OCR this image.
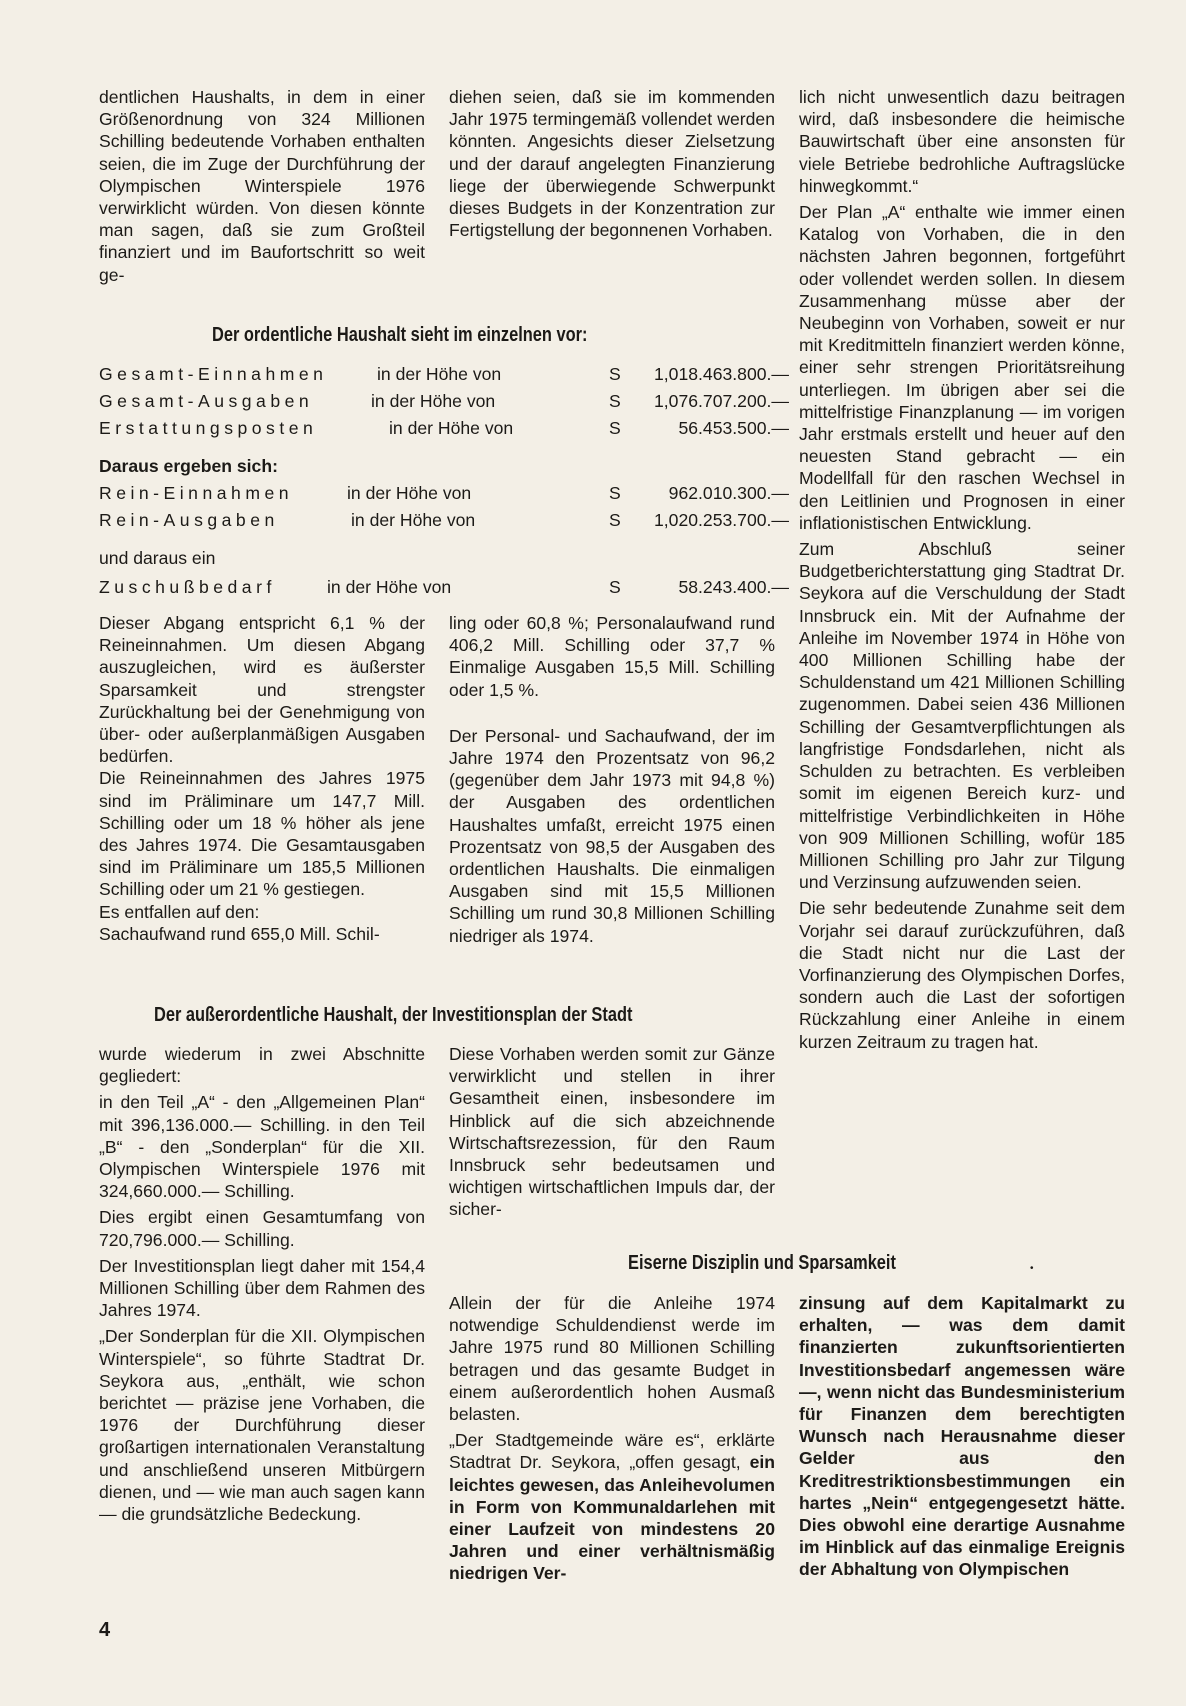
dentlichen Haushalts, in dem in einer Größenordnung von 324 Millionen Schilling bedeutende Vorhaben enthalten seien, die im Zuge der Durchführung der Olympischen Winterspiele 1976 verwirklicht würden. Von diesen könnte man sagen, daß sie zum Großteil finanziert und im Baufortschritt so weit ge-

diehen seien, daß sie im kommenden Jahr 1975 termingemäß vollendet werden könnten. Angesichts dieser Zielsetzung und der darauf angelegten Finanzierung liege der überwiegende Schwerpunkt dieses Budgets in der Konzentration zur Fertigstellung der begonnenen Vorhaben.

lich nicht unwesentlich dazu beitragen wird, daß insbesondere die heimische Bauwirtschaft über eine ansonsten für viele Betriebe bedrohliche Auftragslücke hinwegkommt.“

Der Plan „A“ enthalte wie immer einen Katalog von Vorhaben, die in den nächsten Jahren begonnen, fortgeführt oder vollendet werden sollen. In diesem Zusammenhang müsse aber der Neubeginn von Vorhaben, soweit er nur mit Kreditmitteln finanziert werden könne, einer sehr strengen Prioritätsreihung unterliegen. Im übrigen aber sei die mittelfristige Finanzplanung — im vorigen Jahr erstmals erstellt und heuer auf den neuesten Stand gebracht — ein Modellfall für den raschen Wechsel in den Leitlinien und Prognosen in einer inflationistischen Entwicklung.

Zum Abschluß seiner Budgetberichterstattung ging Stadtrat Dr. Seykora auf die Verschuldung der Stadt Innsbruck ein. Mit der Aufnahme der Anleihe im November 1974 in Höhe von 400 Millionen Schilling habe der Schuldenstand um 421 Millionen Schilling zugenommen. Dabei seien 436 Millionen Schilling der Gesamtverpflichtungen als langfristige Fondsdarlehen, nicht als Schulden zu betrachten. Es verbleiben somit im eigenen Bereich kurz- und mittelfristige Verbindlichkeiten in Höhe von 909 Millionen Schilling, wofür 185 Millionen Schilling pro Jahr zur Tilgung und Verzinsung aufzuwenden seien.

Die sehr bedeutende Zunahme seit dem Vorjahr sei darauf zurückzuführen, daß die Stadt nicht nur die Last der Vorfinanzierung des Olympischen Dorfes, sondern auch die Last der sofortigen Rückzahlung einer Anleihe in einem kurzen Zeitraum zu tragen hat.

Der ordentliche Haushalt sieht im einzelnen vor:
Gesamt-Einnahmen	in der Höhe von	S 1,018.463.800.—
Gesamt-Ausgaben	in der Höhe von	S 1,076.707.200.—
Erstattungsposten	in der Höhe von	S	56.453.500.—
Daraus ergeben sich:
Rein-Einnahmen	in der Höhe von	S	962.010.300.—
Rein-Ausgaben	in der Höhe von	S 1,020.253.700.—
und daraus ein
Zuschußbedarf	in der Höhe von	S	58.243.400.—

Dieser Abgang entspricht 6,1 % der Reineinnahmen. Um diesen Abgang auszugleichen, wird es äußerster Sparsamkeit und strengster Zurückhaltung bei der Genehmigung von über- oder außerplanmäßigen Ausgaben bedürfen.

Die Reineinnahmen des Jahres 1975 sind im Präliminare um 147,7 Mill. Schilling oder um 18 % höher als jene des Jahres 1974. Die Gesamtausgaben sind im Präliminare um 185,5 Millionen Schilling oder um 21 % gestiegen.

Es entfallen auf den:
Sachaufwand rund 655,0 Mill. Schil-

ling oder 60,8 %; Personalaufwand rund 406,2 Mill. Schilling oder 37,7 % Einmalige Ausgaben 15,5 Mill. Schilling oder 1,5 %.

Der Personal- und Sachaufwand, der im Jahre 1974 den Prozentsatz von 96,2 (gegenüber dem Jahr 1973 mit 94,8 %) der Ausgaben des ordentlichen Haushaltes umfaßt, erreicht 1975 einen Prozentsatz von 98,5 der Ausgaben des ordentlichen Haushalts. Die einmaligen Ausgaben sind mit 15,5 Millionen Schilling um rund 30,8 Millionen Schilling niedriger als 1974.

Der außerordentliche Haushalt, der Investitionsplan der Stadt

wurde wiederum in zwei Abschnitte gegliedert:

in den Teil „A“ - den „Allgemeinen Plan“ mit 396,136.000.— Schilling. in den Teil „B“ - den „Sonderplan“ für die XII. Olympischen Winterspiele 1976 mit 324,660.000.— Schilling.

Dies ergibt einen Gesamtumfang von 720,796.000.— Schilling.

Der Investitionsplan liegt daher mit 154,4 Millionen Schilling über dem Rahmen des Jahres 1974.

„Der Sonderplan für die XII. Olympischen Winterspiele“, so führte Stadtrat Dr. Seykora aus, „enthält, wie schon berichtet — präzise jene Vorhaben, die 1976 der Durchführung dieser großartigen internationalen Veranstaltung und anschließend unseren Mitbürgern dienen, und — wie man auch sagen kann — die grundsätzliche Bedeckung.

Diese Vorhaben werden somit zur Gänze verwirklicht und stellen in ihrer Gesamtheit einen, insbesondere im Hinblick auf die sich abzeichnende Wirtschaftsrezession, für den Raum Innsbruck sehr bedeutsamen und wichtigen wirtschaftlichen Impuls dar, der sicher-

Eiserne Disziplin und Sparsamkeit	•

Allein der für die Anleihe 1974 notwendige Schuldendienst werde im Jahre 1975 rund 80 Millionen Schilling betragen und das gesamte Budget in einem außerordentlich hohen Ausmaß belasten.

„Der Stadtgemeinde wäre es“, erklärte Stadtrat Dr. Seykora, „offen gesagt, ein leichtes gewesen, das Anleihevolumen in Form von Kommunaldarlehen mit einer Laufzeit von mindestens 20 Jahren und einer verhältnismäßig niedrigen Ver-

zinsung auf dem Kapitalmarkt zu erhalten, — was dem damit finanzierten zukunftsorientierten Investitionsbedarf angemessen wäre —, wenn nicht das Bundesministerium für Finanzen dem berechtigten Wunsch nach Herausnahme dieser Gelder aus den Kreditrestriktionsbestimmungen ein hartes „Nein“ entgegengesetzt hätte. Dies obwohl eine derartige Ausnahme im Hinblick auf das einmalige Ereignis der Abhaltung von Olympischen

4
